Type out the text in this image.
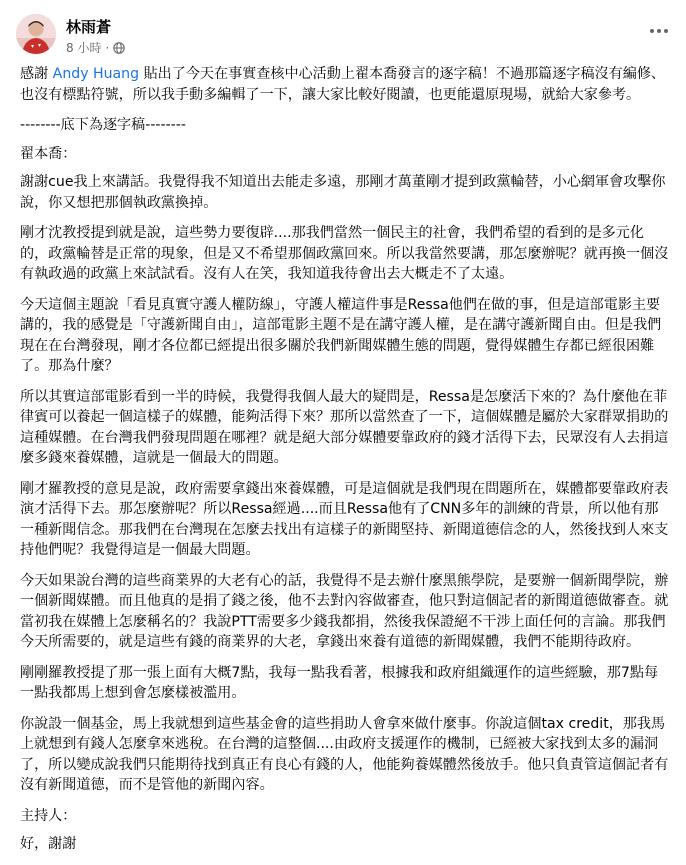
林雨蒼
8 小時 ·

感謝 Andy Huang 貼出了今天在事實查核中心活動上翟本喬發言的逐字稿！不過那篇逐字稿沒有編修、也沒有標點符號，所以我手動多編輯了一下，讓大家比較好閱讀，也更能還原現場，就給大家參考。

--------底下為逐字稿--------

翟本喬：

謝謝cue我上來講話。我覺得我不知道出去能走多遠，那剛才萬董剛才提到政黨輪替，小心網軍會攻擊你說，你又想把那個執政黨換掉。

剛才沈教授提到就是說，這些勢力要復辟....那我們當然一個民主的社會，我們希望的看到的是多元化的，政黨輪替是正常的現象，但是又不希望那個政黨回來。所以我當然要講，那怎麼辦呢？就再換一個沒有執政過的政黨上來試試看。沒有人在笑，我知道我待會出去大概走不了太遠。

今天這個主題說「看見真實守護人權防線」，守護人權這件事是Ressa他們在做的事，但是這部電影主要講的，我的感覺是「守護新聞自由」，這部電影主題不是在講守護人權，是在講守護新聞自由。但是我們現在在台灣發現，剛才各位都已經提出很多關於我們新聞媒體生態的問題，覺得媒體生存都已經很困難了。那為什麼？

所以其實這部電影看到一半的時候，我覺得我個人最大的疑問是，Ressa是怎麼活下來的？為什麼他在菲律賓可以養起一個這樣子的媒體，能夠活得下來？那所以當然查了一下，這個媒體是屬於大家群眾捐助的這種媒體。在台灣我們發現問題在哪裡？就是絕大部分媒體要靠政府的錢才活得下去，民眾沒有人去捐這麼多錢來養媒體，這就是一個最大的問題。

剛才羅教授的意見是說，政府需要拿錢出來養媒體，可是這個就是我們現在問題所在，媒體都要靠政府表演才活得下去。那怎麼辦呢？所以Ressa經過....而且Ressa他有了CNN多年的訓練的背景，所以他有那一種新聞信念。那我們在台灣現在怎麼去找出有這樣子的新聞堅持、新聞道德信念的人，然後找到人來支持他們呢？我覺得這是一個最大問題。

今天如果說台灣的這些商業界的大老有心的話，我覺得不是去辦什麼黑熊學院，是要辦一個新聞學院，辦一個新聞媒體。而且他真的是捐了錢之後，他不去對內容做審查，他只對這個記者的新聞道德做審查。就當初我在媒體上怎麼稱名的？我說PTT需要多少錢我都捐，然後我保證絕不干涉上面任何的言論。那我們今天所需要的，就是這些有錢的商業界的大老，拿錢出來養有道德的新聞媒體，我們不能期待政府。

剛剛羅教授提了那一張上面有大概7點，我每一點我看著，根據我和政府組織運作的這些經驗，那7點每一點我都馬上想到會怎麼樣被濫用。

你說設一個基金，馬上我就想到這些基金會的這些捐助人會拿來做什麼事。你說這個tax credit，那我馬上就想到有錢人怎麼拿來逃稅。在台灣的這整個....由政府支援運作的機制，已經被大家找到太多的漏洞了，所以變成說我們只能期待找到真正有良心有錢的人，他能夠養媒體然後放手。他只負責管這個記者有沒有新聞道德，而不是管他的新聞內容。

主持人：

好，謝謝
